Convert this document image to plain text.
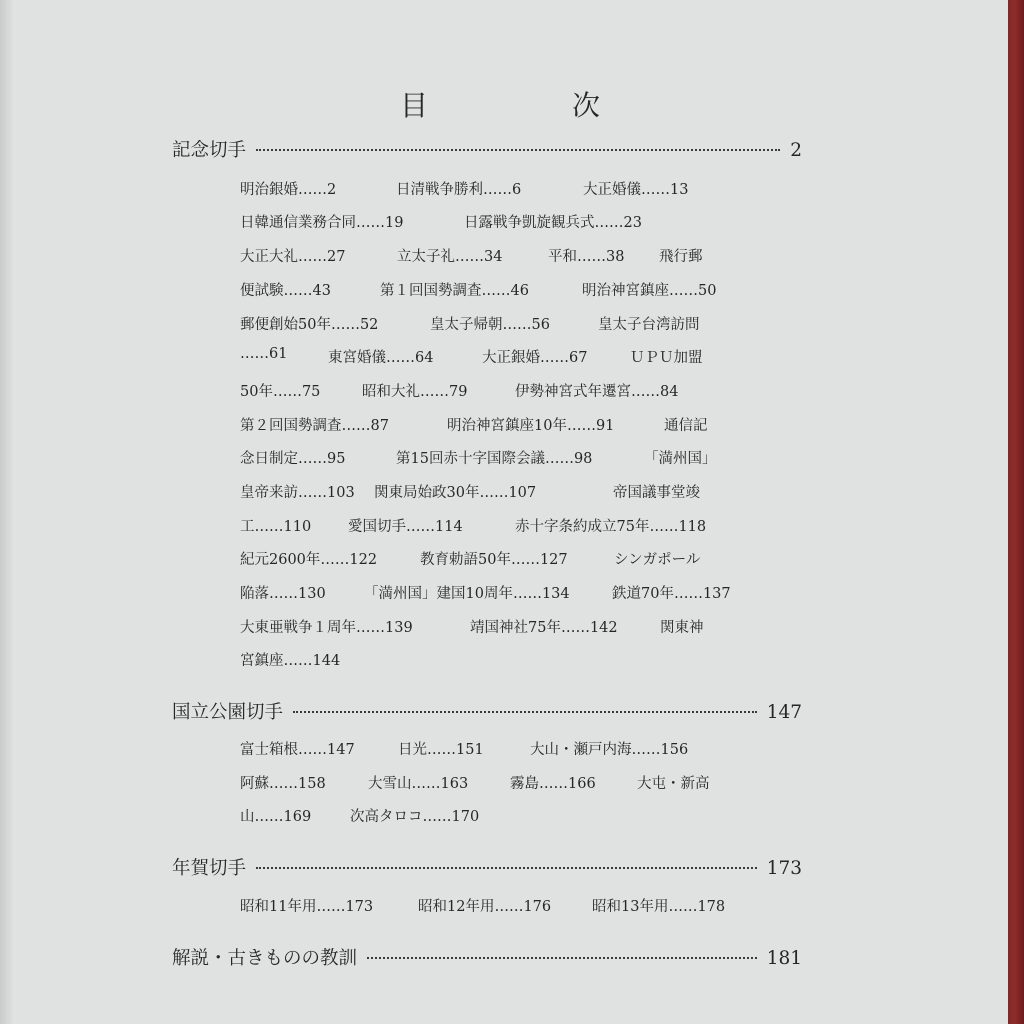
目	次
記念切手	2
明治銀婚……2	日清戦争勝利……6	大正婚儀……13
日韓通信業務合同……19	日露戦争凱旋観兵式……23
大正大礼……27	立太子礼……34	平和……38 飛行郵
便試験……43	第１回国勢調査……46	明治神宮鎮座……50
郵便創始50年……52	皇太子帰朝……56	皇太子台湾訪問
……61	東宮婚儀……64	大正銀婚……67	ＵＰＵ加盟
50年……75	昭和大礼……79	伊勢神宮式年遷宮……84
第２回国勢調査……87	明治神宮鎮座10年……91	通信記
念日制定……95	第15回赤十字国際会議……98	「満州国」
皇帝来訪……103 関東局始政30年……107	帝国議事堂竣
工……110	愛国切手……114	赤十字条約成立75年……118
紀元2600年……122	教育勅語50年……127	シンガポール
陥落……130	「満州国」建国10周年……134	鉄道70年……137
大東亜戦争１周年……139	靖国神社75年……142	関東神
宮鎮座……144
国立公園切手	147
富士箱根……147	日光……151	大山・瀬戸内海……156
阿蘇……158	大雪山……163	霧島……166	大屯・新高
山……169	次高タロコ……170
年賀切手	173
昭和11年用……173	昭和12年用……176	昭和13年用……178
解説・古きものの教訓	181
